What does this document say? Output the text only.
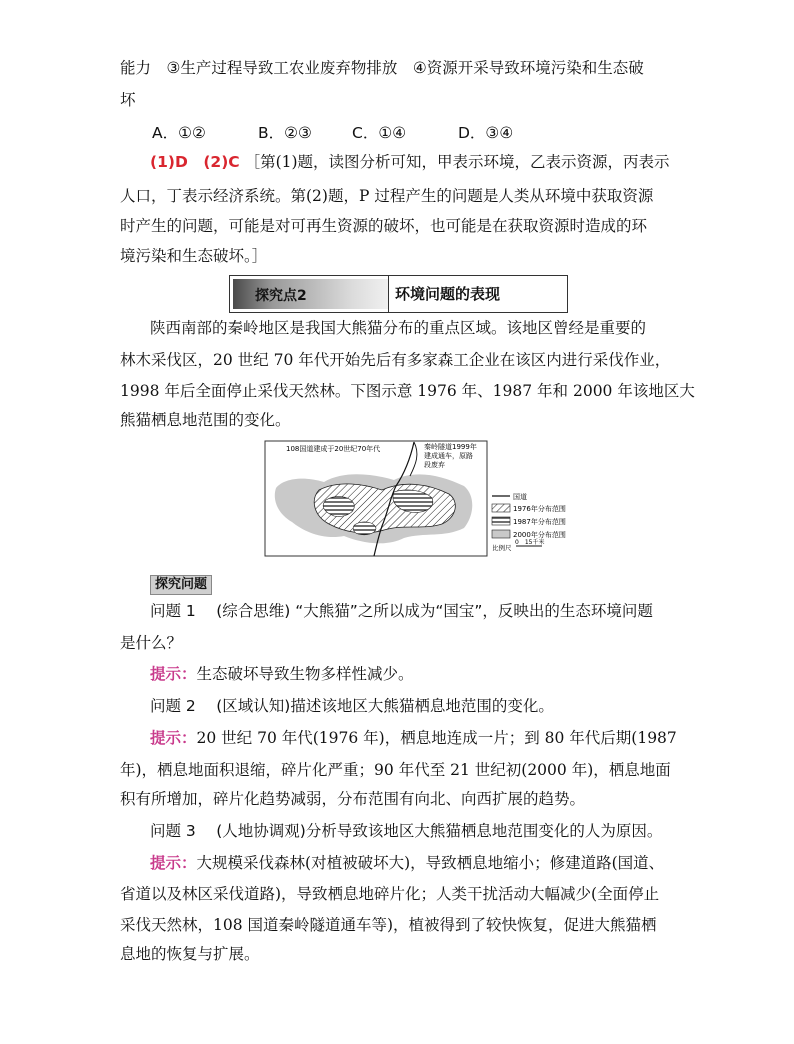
能力　③生产过程导致工农业废弃物排放　④资源开采导致环境污染和生态破
坏
A．①②	B．②③	C．①④	D．③④
(1)D　(2)C ［第(1)题，读图分析可知，甲表示环境，乙表示资源，丙表示
人口，丁表示经济系统。第(2)题，P 过程产生的问题是人类从环境中获取资源
时产生的问题，可能是对可再生资源的破坏，也可能是在获取资源时造成的环
境污染和生态破坏。］
探究点2	环境问题的表现
陕西南部的秦岭地区是我国大熊猫分布的重点区域。该地区曾经是重要的
林木采伐区，20 世纪 70 年代开始先后有多家森工企业在该区内进行采伐作业，
1998 年后全面停止采伐天然林。下图示意 1976 年、1987 年和 2000 年该地区大
熊猫栖息地范围的变化。
108国道建成于20世纪70年代	秦岭隧道1999年
建成通车，原路
段废弃
国道
1976年分布范围
1987年分布范围
2000年分布范围
比例尺
0　15千米
探究问题
问题 1　 (综合思维) “大熊猫”之所以成为“国宝”，反映出的生态环境问题
是什么？
提示：生态破坏导致生物多样性减少。
问题 2　 (区域认知)描述该地区大熊猫栖息地范围的变化。
提示：20 世纪 70 年代(1976 年)，栖息地连成一片；到 80 年代后期(1987
年)，栖息地面积退缩，碎片化严重；90 年代至 21 世纪初(2000 年)，栖息地面
积有所增加，碎片化趋势减弱，分布范围有向北、向西扩展的趋势。
问题 3　 (人地协调观)分析导致该地区大熊猫栖息地范围变化的人为原因。
提示：大规模采伐森林(对植被破坏大)，导致栖息地缩小；修建道路(国道、
省道以及林区采伐道路)，导致栖息地碎片化；人类干扰活动大幅减少(全面停止
采伐天然林，108 国道秦岭隧道通车等)，植被得到了较快恢复，促进大熊猫栖
息地的恢复与扩展。
